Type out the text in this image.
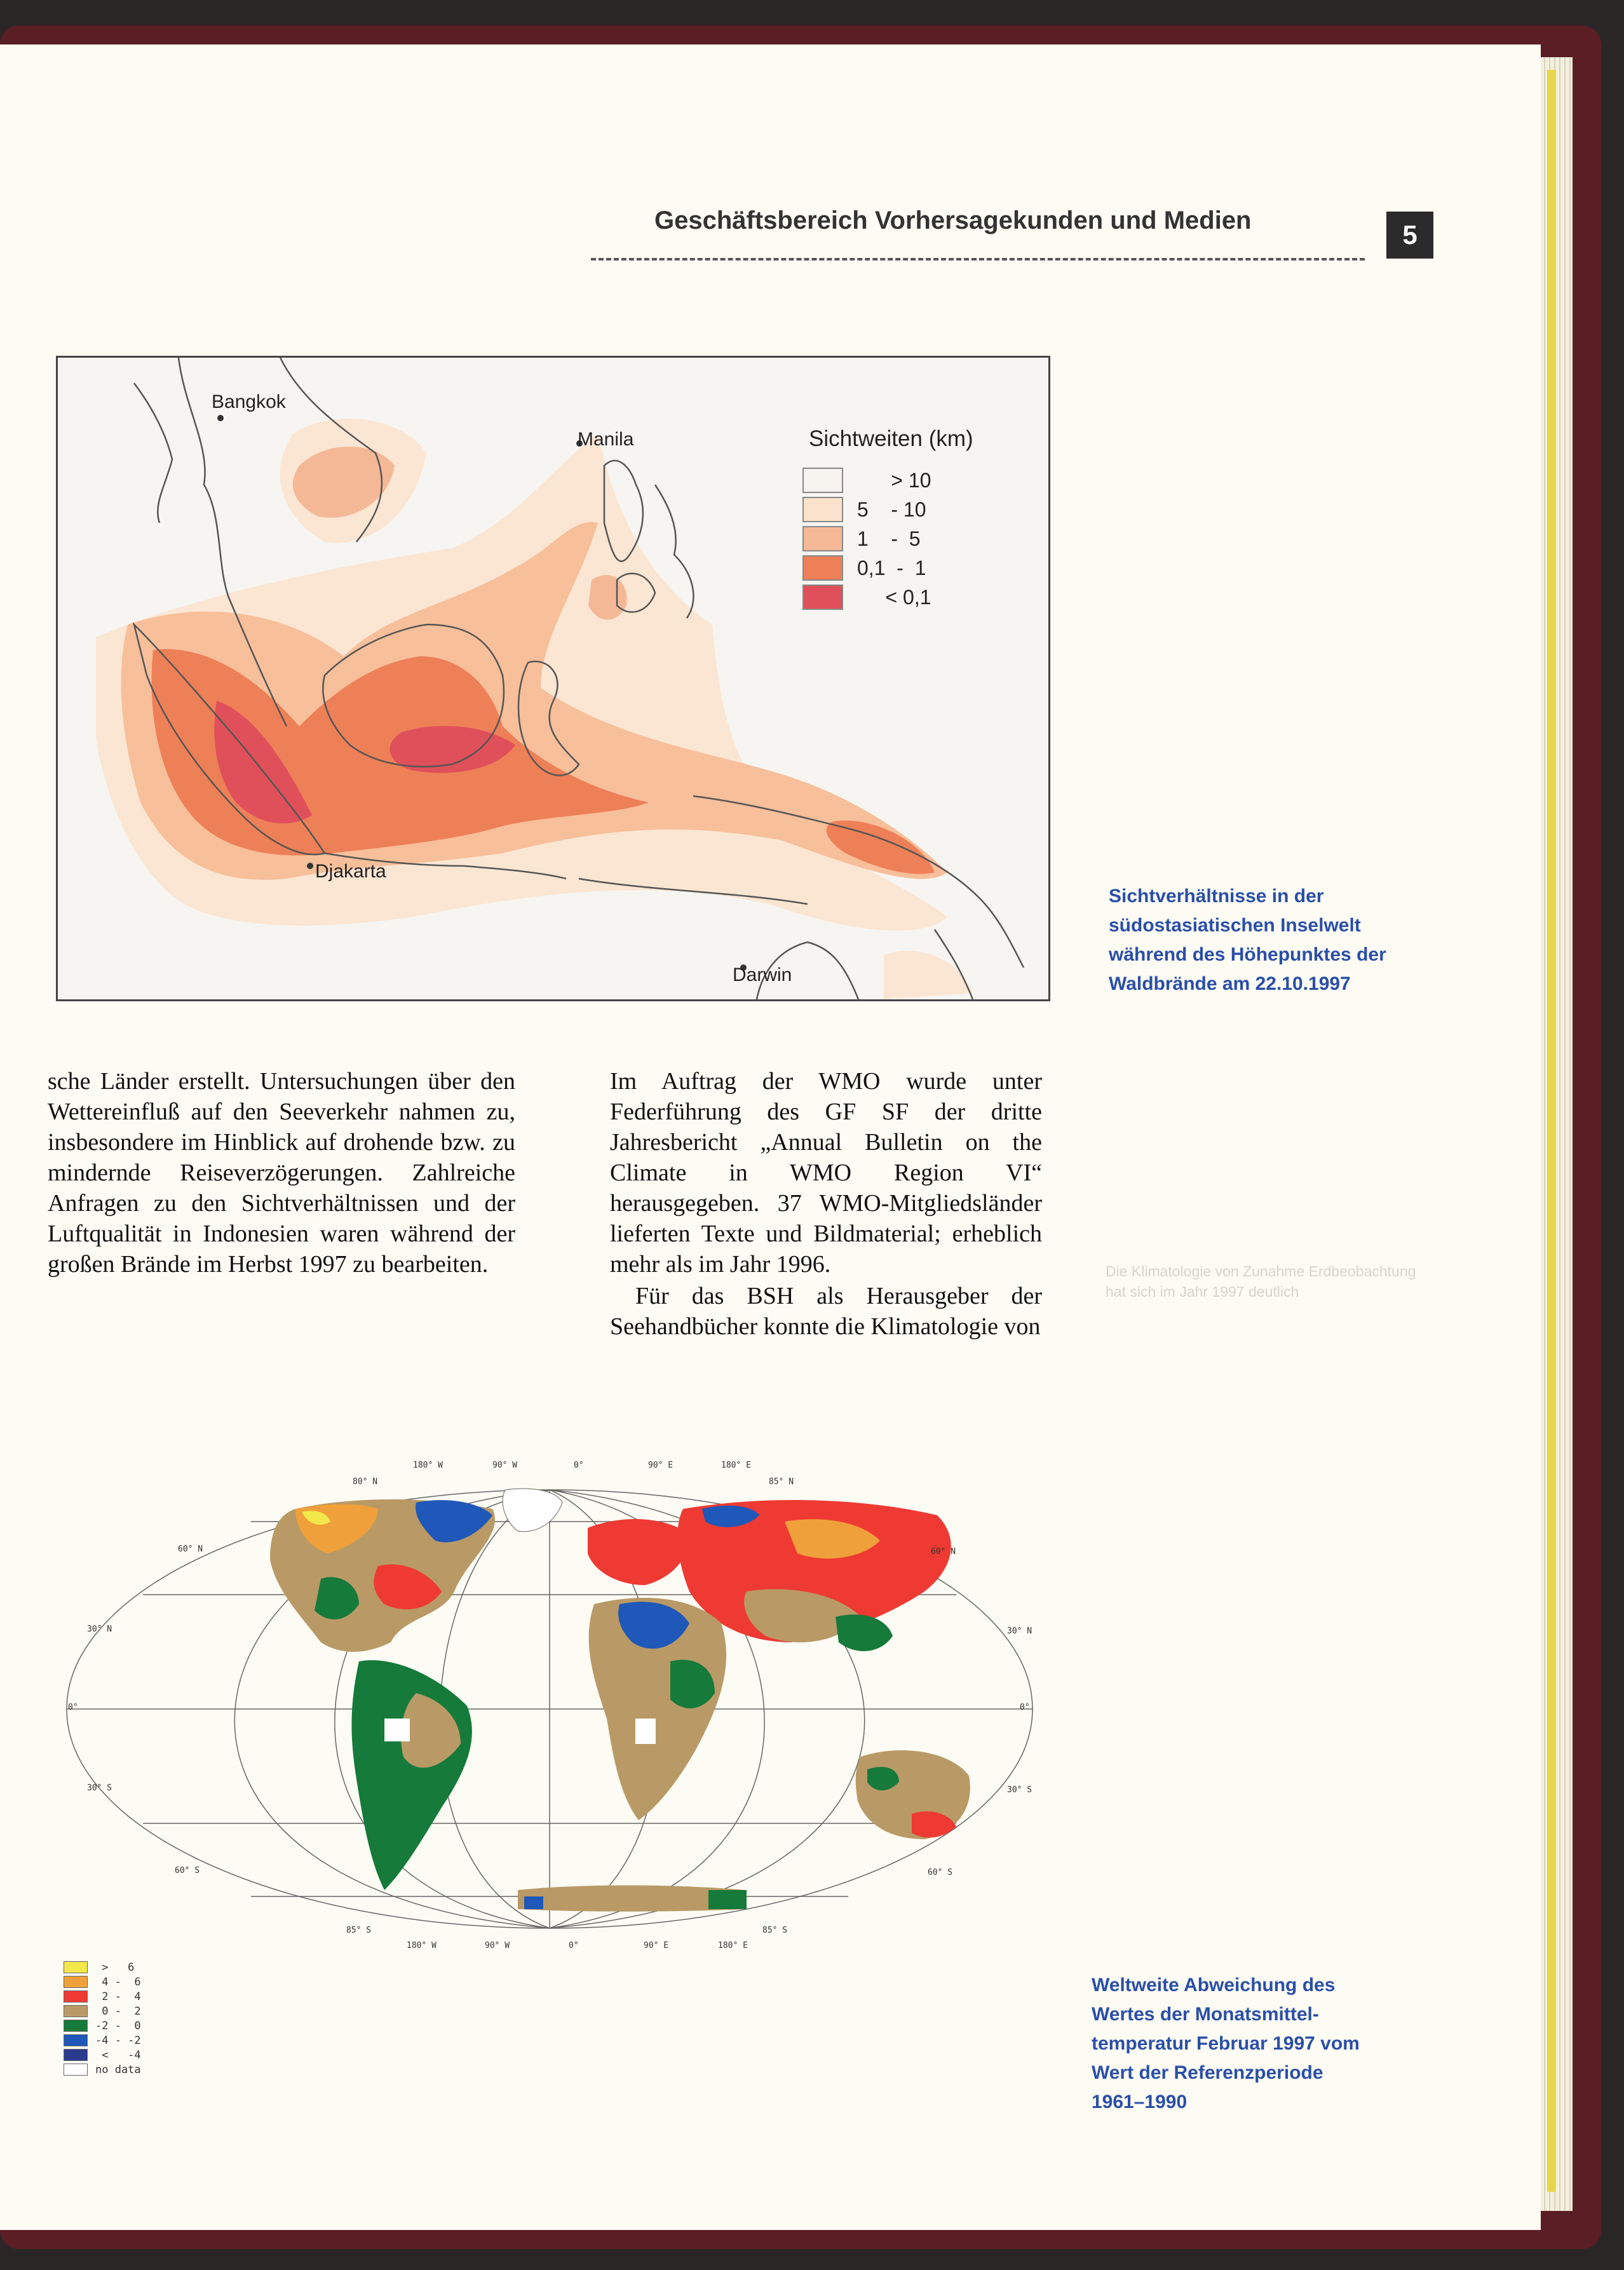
Geschäftsbereich Vorhersagekunden und Medien	5
Bangkok
Manila
Djakarta
Darwin
Sichtweiten (km)
> 10
5    - 10
1    -  5
0,1  -  1
< 0,1
Sichtverhältnisse in der
südostasiatischen Inselwelt
während des Höhepunktes der
Waldbrände am 22.10.1997

sche Länder erstellt. Untersuchungen über den Wettereinfluß auf den Seeverkehr nahmen zu, insbesondere im Hinblick auf drohende bzw. zu mindernde Reiseverzögerungen. Zahlreiche Anfragen zu den Sichtverhältnissen und der Luftqualität in Indonesien waren während der großen Brände im Herbst 1997 zu bearbeiten.

Im Auftrag der WMO wurde unter Federführung des GF SF der dritte Jahresbericht „Annual Bulletin on the Climate in WMO Region VI“ herausgegeben. 37 WMO-Mitgliedsländer lieferten Texte und Bildmaterial; erheblich mehr als im Jahr 1996.

Für das BSH als Herausgeber der Seehandbücher konnte die Klimatologie von

Die Klimatologie von Zunahme Erdbeobachtung hat sich im Jahr 1997 deutlich
180° W	90° W	0°	90° E	180° E
180° W	90° W	0°	90° E	180° E
80° N
60° N
30° N
0°
30° S
60° S
85° S
85° N
60° N
30° N
0°
30° S
60° S
85° S
>   6
4 -  6
2 -  4
0 -  2
-2 -  0
-4 - -2
<   -4
no data
Weltweite Abweichung des
Wertes der Monatsmittel-
temperatur Februar 1997 vom
Wert der Referenzperiode
1961–1990
